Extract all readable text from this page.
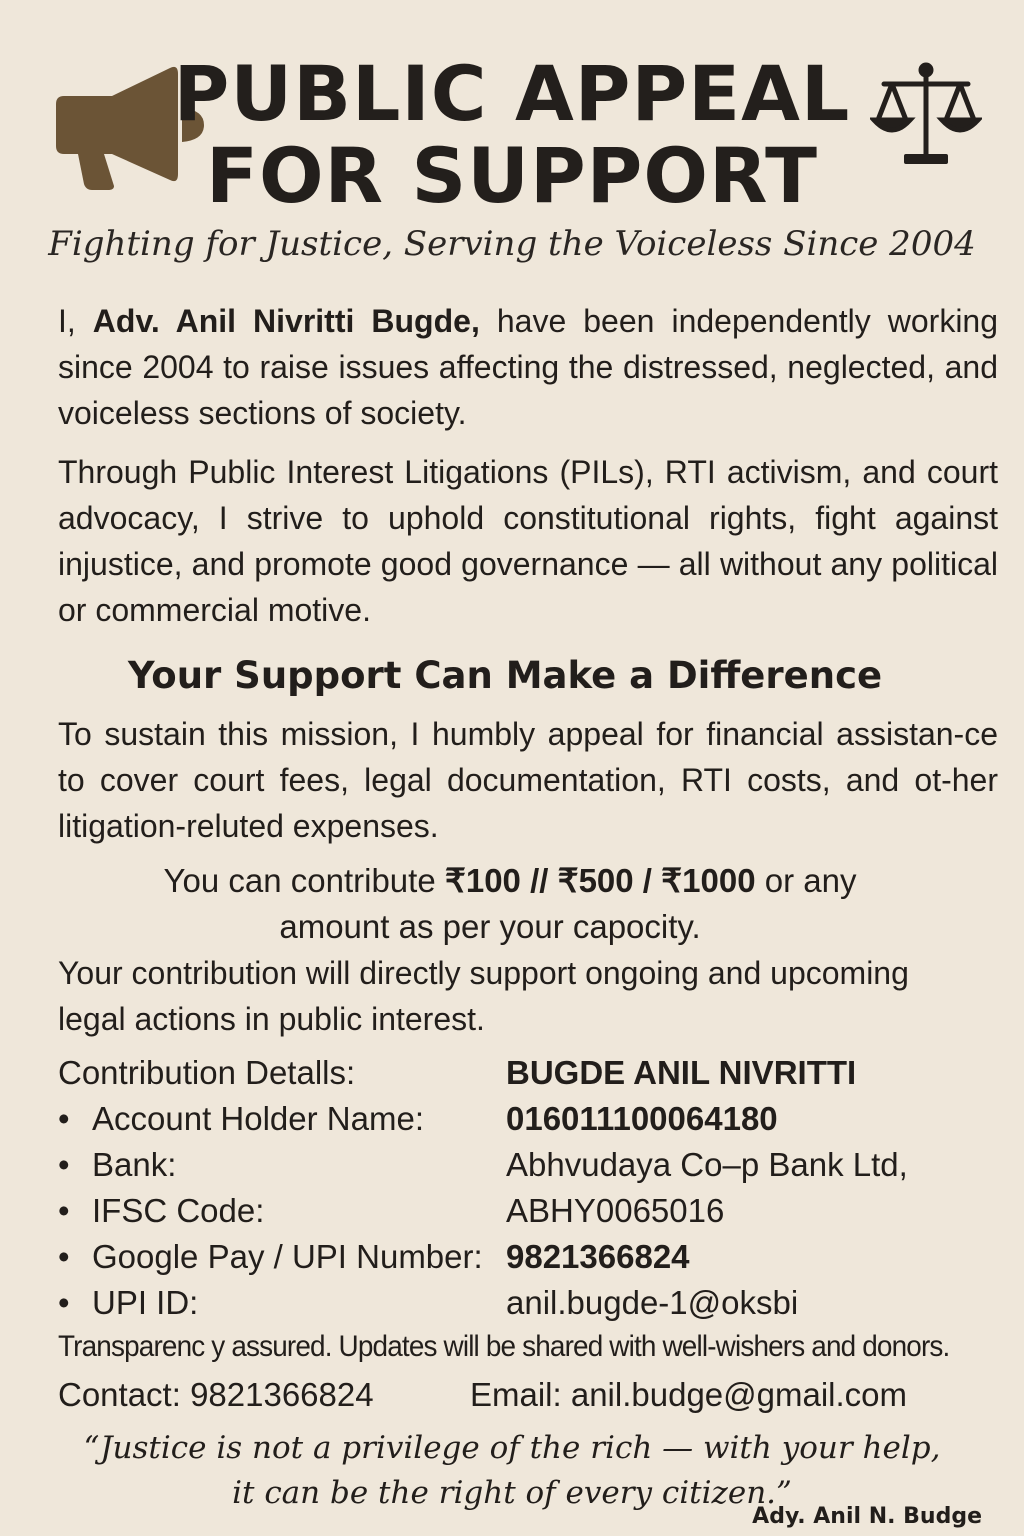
PUBLIC APPEAL
FOR SUPPORT
Fighting for Justice, Serving the Voiceless Since 2004
I, Adv. Anil Nivritti Bugde, have been independently working since 2004 to raise issues affecting the distressed, neglected, and voiceless sections of society.
Through Public Interest Litigations (PILs), RTI activism, and court advocacy, I strive to uphold constitutional rights, fight against injustice, and promote good governance — all without any political or commercial motive.
Your Support Can Make a Difference
To sustain this mission, I humbly appeal for financial assistan-ce to cover court fees, legal documentation, RTI costs, and ot-her litigation-reluted expenses.
You can contribute ₹100 // ₹500 / ₹1000 or any
amount as per your capocity.
Your contribution will directly support ongoing and upcoming legal actions in public interest.
Contribution Detalls:	BUGDE ANIL NIVRITTI
• Account Holder Name: 016011100064180
• Bank:	Abhvudaya Co–p Bank Ltd,
• IFSC Code:	ABHY0065016
• Google Pay / UPI Number: 9821366824
• UPI ID:	anil.bugde-1@oksbi
Transparenc y assured. Updates will be shared with well-wishers and donors.
Contact: 9821366824	Email: anil.budge@gmail.com
“Justice is not a privilege of the rich — with your help,
it can be the right of every citizen.”
Ady. Anil N. Budge
